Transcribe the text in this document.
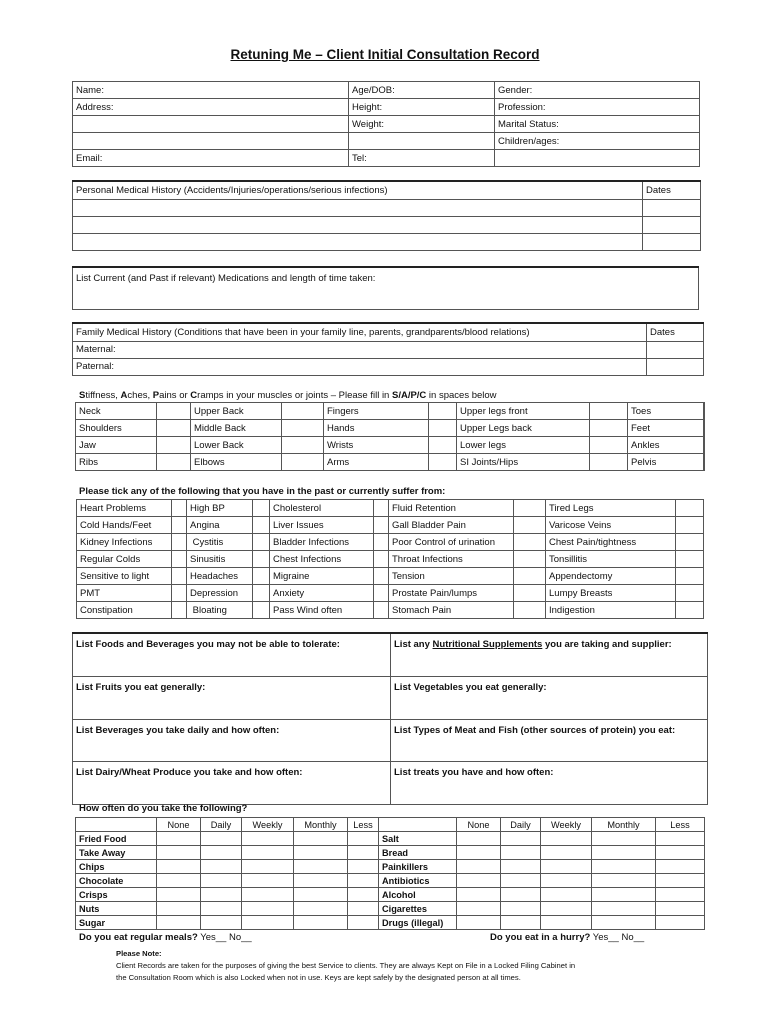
Retuning Me – Client Initial Consultation Record
Name:	Age/DOB:	Gender:
Address:	Height:	Profession:
	Weight:	Marital Status:
		Children/ages:
Email:	Tel:	
Personal Medical History (Accidents/Injuries/operations/serious infections)	Dates

List Current (and Past if relevant) Medications and length of time taken:
Family Medical History (Conditions that have been in your family line, parents, grandparents/blood relations)	Dates
Maternal:	
Paternal:	
Stiffness, Aches, Pains or Cramps in your muscles or joints – Please fill in S/A/P/C in spaces below
Neck		Upper Back		Fingers		Upper legs front		Toes	
Shoulders		Middle Back		Hands		Upper Legs back		Feet	
Jaw		Lower Back		Wrists		Lower legs		Ankles	
Ribs		Elbows		Arms		SI Joints/Hips		Pelvis	
Please tick any of the following that you have in the past or currently suffer from:
Heart Problems		High BP		Cholesterol		Fluid Retention		Tired Legs	
Cold Hands/Feet		Angina		Liver Issues		Gall Bladder Pain		Varicose Veins	
Kidney Infections		Cystitis		Bladder Infections		Poor Control of urination		Chest Pain/tightness	
Regular Colds		Sinusitis		Chest Infections		Throat Infections		Tonsillitis	
Sensitive to light		Headaches		Migraine		Tension		Appendectomy	
PMT		Depression		Anxiety		Prostate Pain/lumps		Lumpy Breasts	
Constipation		Bloating		Pass Wind often		Stomach Pain		Indigestion	
List Foods and Beverages you may not be able to tolerate:	List any Nutritional Supplements you are taking and supplier:
List Fruits you eat generally:	List Vegetables you eat generally:
List Beverages you take daily and how often:	List Types of Meat and Fish (other sources of protein) you eat:
List Dairy/Wheat Produce you take and how often:	List treats you have and how often:
How often do you take the following?
	None	Daily	Weekly	Monthly	Less		None	Daily	Weekly	Monthly	Less
Fried Food						Salt					
Take Away						Bread					
Chips						Painkillers					
Chocolate						Antibiotics					
Crisps						Alcohol					
Nuts						Cigarettes					
Sugar						Drugs (illegal)					
Do you eat regular meals? Yes__ No__	Do you eat in a hurry? Yes__ No__
Please Note:
Client Records are taken for the purposes of giving the best Service to clients. They are always Kept on File in a Locked Filing Cabinet in
the Consultation Room which is also Locked when not in use. Keys are kept safely by the designated person at all times.
